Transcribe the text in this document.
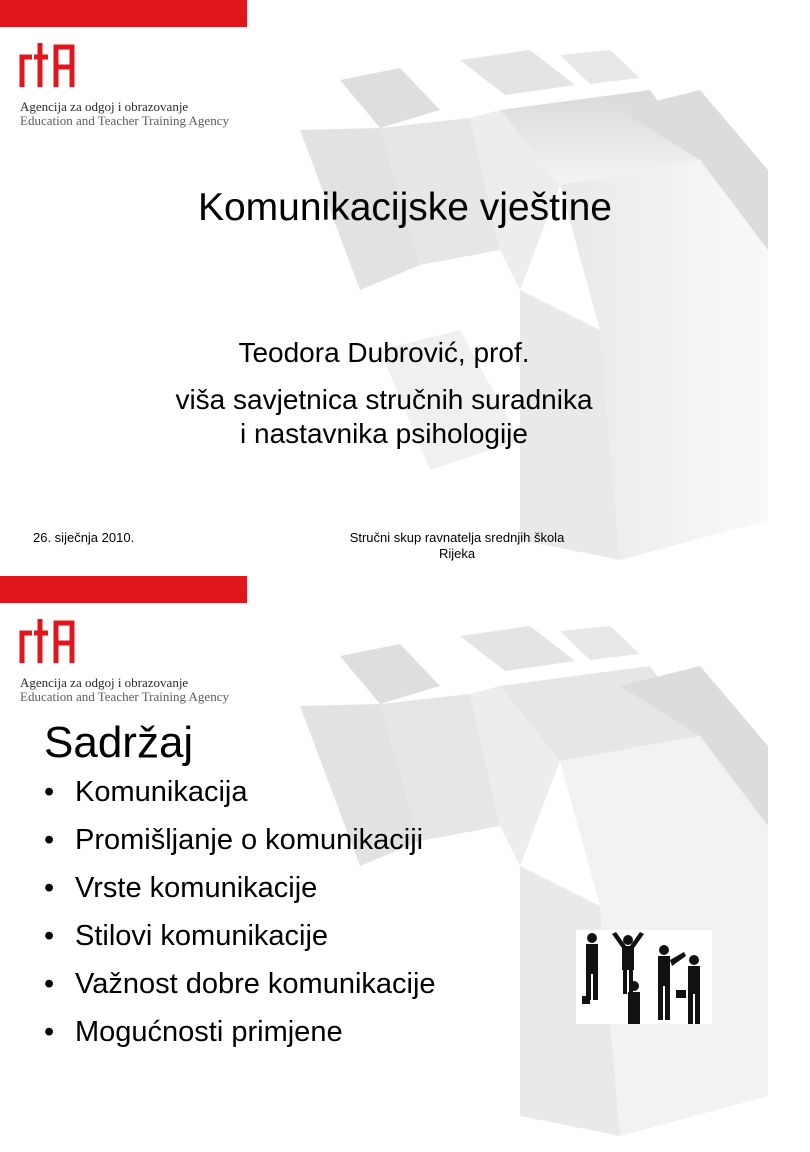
Agencija za odgoj i obrazovanje
Education and Teacher Training Agency
Komunikacijske vještine
Teodora Dubrović, prof.
viša savjetnica stručnih suradnika
i nastavnika psihologije
26. siječnja 2010.	Stručni skup ravnatelja srednjih škola
Rijeka
Agencija za odgoj i obrazovanje
Education and Teacher Training Agency
Sadržaj
• Komunikacija
• Promišljanje o komunikaciji
• Vrste komunikacije
• Stilovi komunikacije
• Važnost dobre komunikacije
• Mogućnosti primjene
